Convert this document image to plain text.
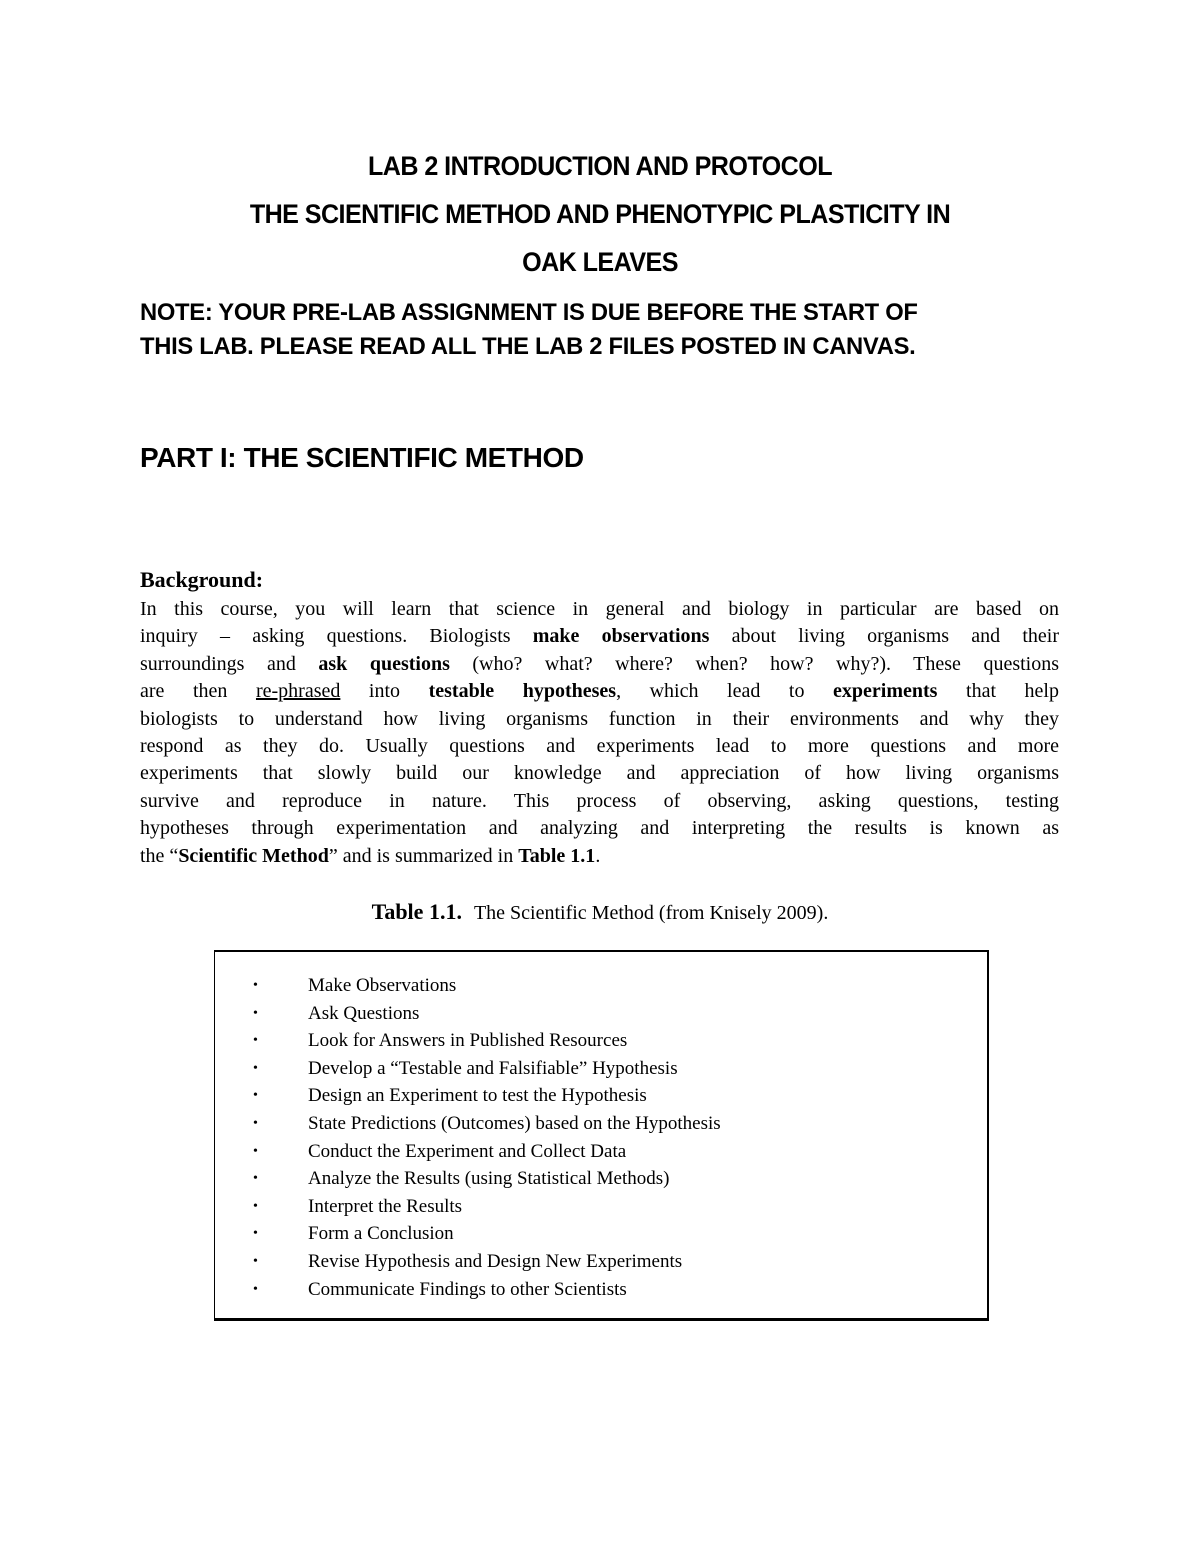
LAB 2 INTRODUCTION AND PROTOCOL
THE SCIENTIFIC METHOD AND PHENOTYPIC PLASTICITY IN
OAK LEAVES
NOTE: YOUR PRE-LAB ASSIGNMENT IS DUE BEFORE THE START OF
THIS LAB. PLEASE READ ALL THE LAB 2 FILES POSTED IN CANVAS.
PART I: THE SCIENTIFIC METHOD
Background:
In this course, you will learn that science in general and biology in particular are based on
inquiry – asking questions. Biologists make observations about living organisms and their
surroundings and ask questions (who? what? where? when? how? why?). These questions
are then re-phrased into testable hypotheses, which lead to experiments that help
biologists to understand how living organisms function in their environments and why they
respond as they do. Usually questions and experiments lead to more questions and more
experiments that slowly build our knowledge and appreciation of how living organisms
survive and reproduce in nature. This process of observing, asking questions, testing
hypotheses through experimentation and analyzing and interpreting the results is known as
the “Scientific Method” and is summarized in Table 1.1.
Table 1.1. The Scientific Method (from Knisely 2009).
•	Make Observations
•	Ask Questions
•	Look for Answers in Published Resources
•	Develop a “Testable and Falsifiable” Hypothesis
•	Design an Experiment to test the Hypothesis
•	State Predictions (Outcomes) based on the Hypothesis
•	Conduct the Experiment and Collect Data
•	Analyze the Results (using Statistical Methods)
•	Interpret the Results
•	Form a Conclusion
•	Revise Hypothesis and Design New Experiments
•	Communicate Findings to other Scientists
